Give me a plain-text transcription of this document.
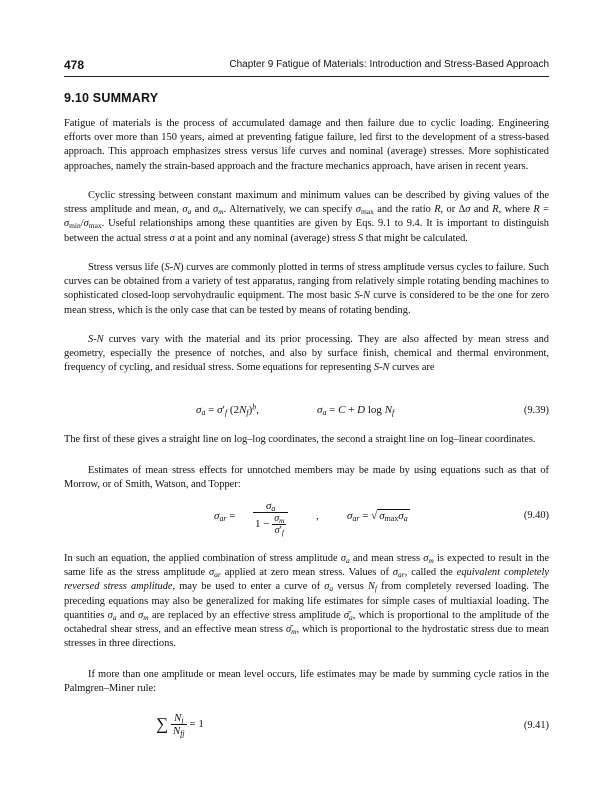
478	Chapter 9 Fatigue of Materials: Introduction and Stress-Based Approach
9.10 SUMMARY

Fatigue of materials is the process of accumulated damage and then failure due to cyclic loading. Engineering efforts over more than 150 years, aimed at preventing fatigue failure, led first to the development of a stress-based approach. This approach emphasizes stress versus life curves and nominal (average) stresses. More sophisticated approaches, namely the strain-based approach and the fracture mechanics approach, have arisen in recent years.

Cyclic stressing between constant maximum and minimum values can be described by giving values of the stress amplitude and mean, $\sigma_a$ and $\sigma_m$. Alternatively, we can specify $\sigma_{max}$ and the ratio R, or Δσ and R, where $R = \sigma_{min}/\sigma_{max}$. Useful relationships among these quantities are given by Eqs. 9.1 to 9.4. It is important to distinguish between the actual stress σ at a point and any nominal (average) stress S that might be calculated.

Stress versus life (S-N) curves are commonly plotted in terms of stress amplitude versus cycles to failure. Such curves can be obtained from a variety of test apparatus, ranging from relatively simple rotating bending machines to sophisticated closed-loop servohydraulic equipment. The most basic S-N curve is considered to be the one for zero mean stress, which is the only case that can be tested by means of rotating bending.

S-N curves vary with the material and its prior processing. They are also affected by mean stress and geometry, especially the presence of notches, and also by surface finish, chemical and thermal environment, frequency of cycling, and residual stress. Some equations for representing S-N curves are

$\sigma_a = \sigma'_f$ $(2N_f)^b$,	$\sigma_a = C + D$ $\log N_f$	(9.39)

The first of these gives a straight line on log–log coordinates, the second a straight line on log–linear coordinates.

Estimates of mean stress effects for unnotched members may be made by using equations such as that of Morrow, or of Smith, Watson, and Topper:

$\sigma_{ar}$ =
$\sigma_a$
$1 - \frac{\sigma_m}{\sigma'_f}$	,	$\sigma_{ar}$ = √ $\sigma_{max}\sigma_a$	(9.40)

In such an equation, the applied combination of stress amplitude $\sigma_a$ and mean stress $\sigma_m$ is expected to result in the same life as the stress amplitude $\sigma_{ar}$ applied at zero mean stress. Values of $\sigma_{ar}$, called the equivalent completely reversed stress amplitude, may be used to enter a curve of $\sigma_a$ versus $N_f$ from completely reversed loading. The preceding equations may also be generalized for making life estimates for simple cases of multiaxial loading. The quantities $\sigma_a$ and $\sigma_m$ are replaced by an effective stress amplitude $\sigmā_a$, which is proportional to the amplitude of the octahedral shear stress, and an effective mean stress $\sigmā_m$, which is proportional to the hydrostatic stress due to mean stresses in three directions.

If more than one amplitude or mean level occurs, life estimates may be made by summing cycle ratios in the Palmgren–Miner rule:

∑ $\frac{N_j}{N_{fj}} = 1$	(9.41)
